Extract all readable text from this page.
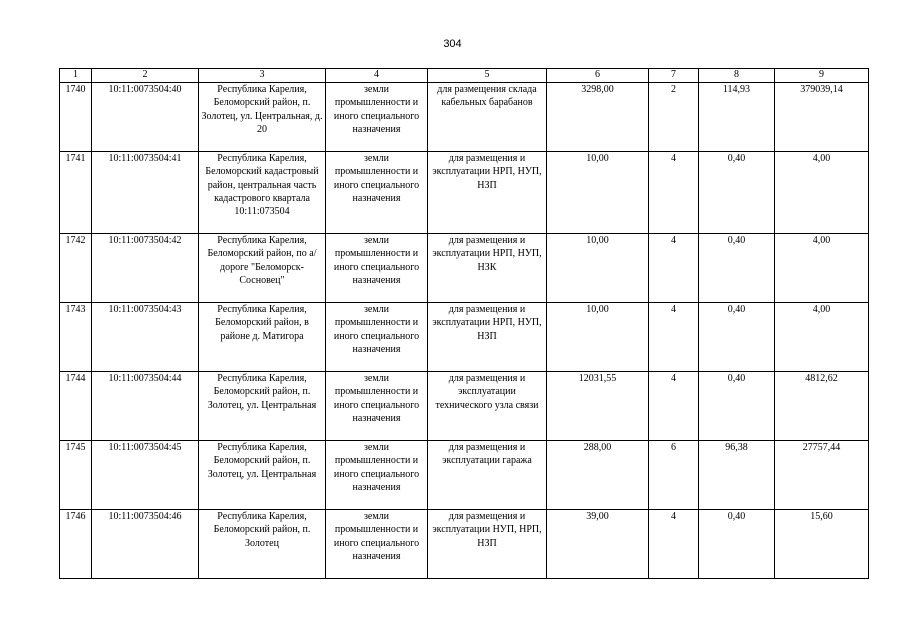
304
1	2	3	4	5	6	7	8	9
1740	10:11:0073504:40	Республика Карелия, Беломорский район, п. Золотец, ул. Центральная, д. 20	земли промышленности и иного специального назначения	для размещения склада кабельных барабанов	3298,00	2	114,93	379039,14
1741	10:11:0073504:41	Республика Карелия, Беломорский кадастровый район, центральная часть кадастрового квартала 10:11:073504	земли промышленности и иного специального назначения	для размещения и эксплуатации НРП, НУП, НЗП	10,00	4	0,40	4,00
1742	10:11:0073504:42	Республика Карелия, Беломорский район, по а/дороге "Беломорск-Сосновец"	земли промышленности и иного специального назначения	для размещения и эксплуатации НРП, НУП, НЗК	10,00	4	0,40	4,00
1743	10:11:0073504:43	Республика Карелия, Беломорский район, в районе д. Матигора	земли промышленности и иного специального назначения	для размещения и эксплуатации НРП, НУП, НЗП	10,00	4	0,40	4,00
1744	10:11:0073504:44	Республика Карелия, Беломорский район, п. Золотец, ул. Центральная	земли промышленности и иного специального назначения	для размещения и эксплуатации технического узла связи	12031,55	4	0,40	4812,62
1745	10:11:0073504:45	Республика Карелия, Беломорский район, п. Золотец, ул. Центральная	земли промышленности и иного специального назначения	для размещения и эксплуатации гаража	288,00	6	96,38	27757,44
1746	10:11:0073504:46	Республика Карелия, Беломорский район, п. Золотец	земли промышленности и иного специального назначения	для размещения и эксплуатации НУП, НРП, НЗП	39,00	4	0,40	15,60
